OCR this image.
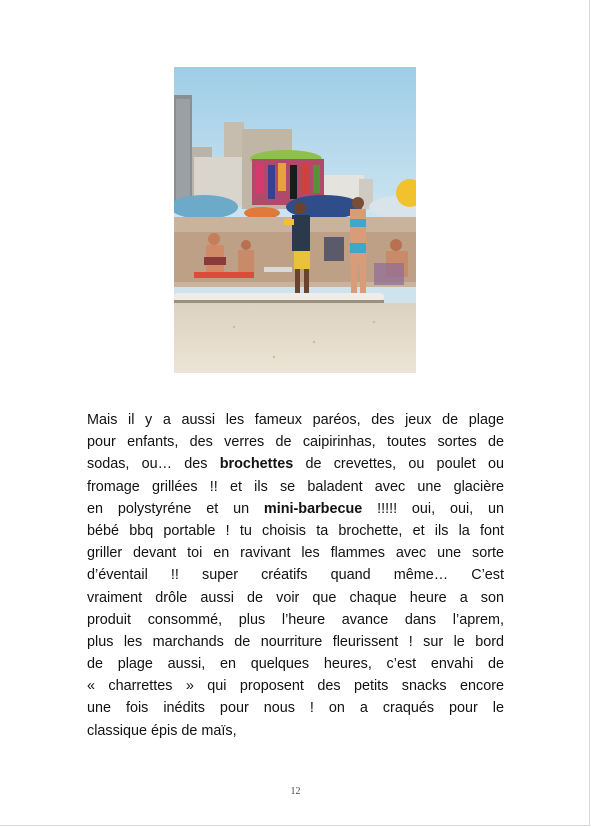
Mais il y a aussi les fameux paréos, des jeux de plage
pour enfants, des verres de caipirinhas, toutes sortes de
sodas, ou… des brochettes de crevettes, ou poulet ou
fromage grillées !! et ils se baladent avec une glacière
en polystyréne et un mini-barbecue !!!!! oui, oui, un
bébé bbq portable ! tu choisis ta brochette, et ils la font
griller devant toi en ravivant les flammes avec une sorte
d’éventail !! super créatifs quand même… C’est
vraiment drôle aussi de voir que chaque heure a son
produit consommé, plus l’heure avance dans l’aprem,
plus les marchands de nourriture fleurissent ! sur le bord
de plage aussi, en quelques heures, c’est envahi de
« charrettes » qui proposent des petits snacks encore
une fois inédits pour nous ! on a craqués pour le
classique épis de maïs,
12
